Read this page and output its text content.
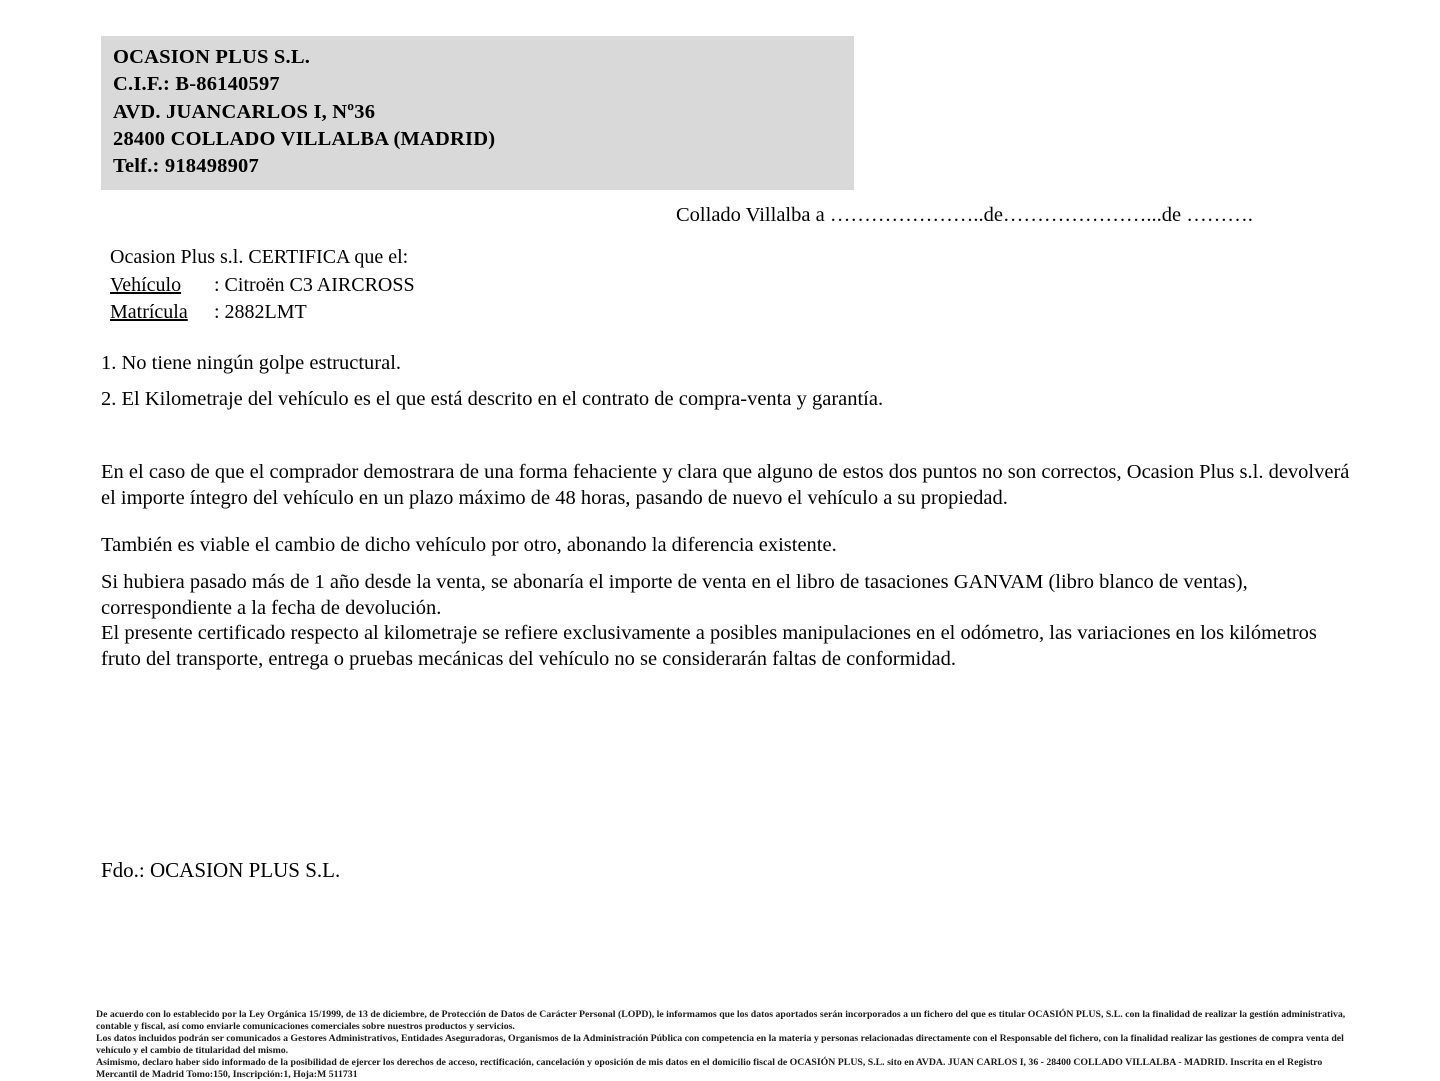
OCASION PLUS S.L.
C.I.F.: B-86140597
AVD. JUANCARLOS I, Nº36
28400 COLLADO VILLALBA (MADRID)
Telf.: 918498907
Collado Villalba a …………………..de…………………...de ……….
Ocasion Plus s.l. CERTIFICA que el:
Vehículo : Citroën C3 AIRCROSS
Matrícula : 2882LMT
1. No tiene ningún golpe estructural.
2. El Kilometraje del vehículo es el que está descrito en el contrato de compra-venta y garantía.
En el caso de que el comprador demostrara de una forma fehaciente y clara que alguno de estos dos puntos no son correctos, Ocasion Plus s.l. devolverá el importe íntegro del vehículo en un plazo máximo de 48 horas, pasando de nuevo el vehículo a su propiedad.
También es viable el cambio de dicho vehículo por otro, abonando la diferencia existente.
Si hubiera pasado más de 1 año desde la venta, se abonaría el importe de venta en el libro de tasaciones GANVAM (libro blanco de ventas), correspondiente a la fecha de devolución.
El presente certificado respecto al kilometraje se refiere exclusivamente a posibles manipulaciones en el odómetro, las variaciones en los kilómetros fruto del transporte, entrega o pruebas mecánicas del vehículo no se considerarán faltas de conformidad.
Fdo.: OCASION PLUS S.L.
De acuerdo con lo establecido por la Ley Orgánica 15/1999, de 13 de diciembre, de Protección de Datos de Carácter Personal (LOPD), le informamos que los datos aportados serán incorporados a un fichero del que es titular OCASIÓN PLUS, S.L. con la finalidad de realizar la gestión administrativa, contable y fiscal, así como enviarle comunicaciones comerciales sobre nuestros productos y servicios.
Los datos incluidos podrán ser comunicados a Gestores Administrativos, Entidades Aseguradoras, Organismos de la Administración Pública con competencia en la materia y personas relacionadas directamente con el Responsable del fichero, con la finalidad realizar las gestiones de compra venta del vehículo y el cambio de titularidad del mismo.
Asimismo, declaro haber sido informado de la posibilidad de ejercer los derechos de acceso, rectificación, cancelación y oposición de mis datos en el domicilio fiscal de OCASIÓN PLUS, S.L. sito en AVDA. JUAN CARLOS I, 36 - 28400 COLLADO VILLALBA - MADRID. Inscrita en el Registro Mercantil de Madrid Tomo:150, Inscripción:1, Hoja:M 511731
